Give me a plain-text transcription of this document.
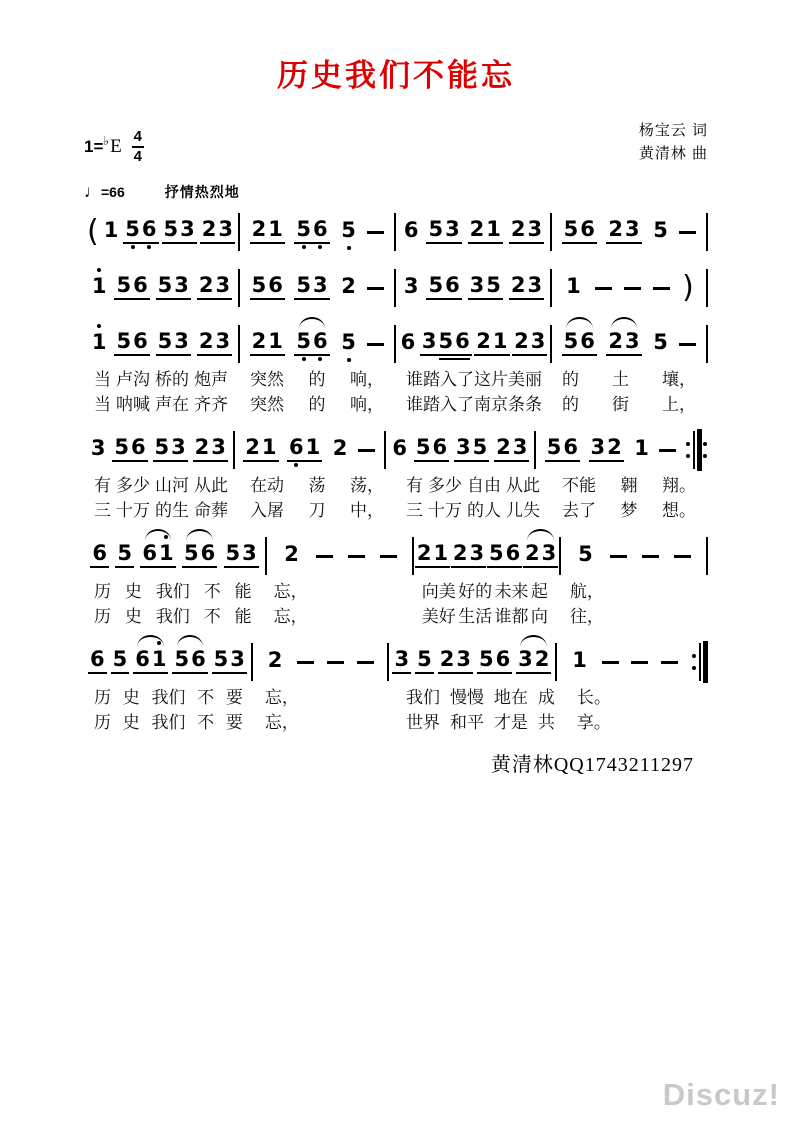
历史我们不能忘
1= ♭ E $\frac{4}{4}$	杨宝云 词
黄清林 曲
♩ =66	抒情热烈地
( 1 5 6 5 3 2 3 2 1 5 6 5 6 5 3 2 1 2 3 5 6 2 3 5
1 5 6 5 3 2 3 5 6 5 3 2 3 5 6 3 5 2 3 1	)
1 5 6 5 3 2 3 2 1 5 6 5 6 3 5 6 2 1 2 3 5 6 2 3 5
当 卢沟 桥的 炮声 突然 的 响， 谁 踏入了 这片 美丽 的 土 壤，
当 呐喊 声在 齐齐 突然 的 响， 谁 踏入了 南京 条条 的 街 上，
3 5 6 5 3 2 3 2 1 6 1 2 6 5 6 3 5 2 3 5 6 3 2 1
有 多少 山河 从此 在动 荡 荡， 有 多少 自由 从此 不能 翱 翔。
三 十万 的生 命葬 入屠 刀 中， 三 十万 的人 儿失 去了 梦 想。
6 5 6 1 5 6 5 3 2	2 1 2 3 5 6 2 3 5
历 史 我们 不 能 忘，	向美 好的 未来 起 航，
历 史 我们 不 能 忘，	美好 生活 谁都 向 往，
6 5 6 1 5 6 5 3 2	3 5 2 3 5 6 3 2 1
历 史 我们 不 要 忘，	我们 慢慢 地在 成 长。
历 史 我们 不 要 忘，	世界 和平 才是 共 享。
黄清林QQ1743211297
Discuz!
